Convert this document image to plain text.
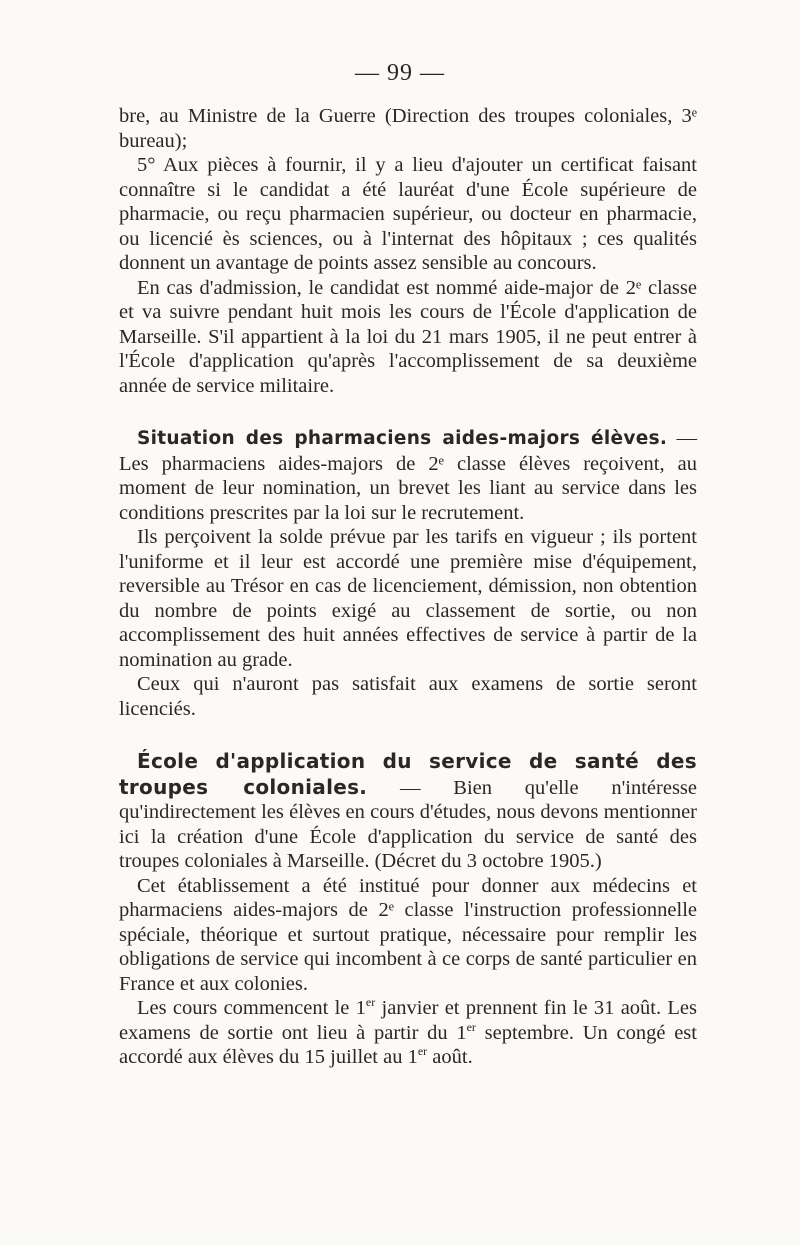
— 99 —

bre, au Ministre de la Guerre (Direction des troupes coloniales, 3ᵉ bureau);

5° Aux pièces à fournir, il y a lieu d'ajouter un certificat faisant connaître si le candidat a été lauréat d'une École supérieure de pharmacie, ou reçu pharmacien supérieur, ou docteur en pharmacie, ou licencié ès sciences, ou à l'internat des hôpitaux ; ces qualités donnent un avantage de points assez sensible au concours.

En cas d'admission, le candidat est nommé aide-major de 2ᵉ classe et va suivre pendant huit mois les cours de l'École d'application de Marseille. S'il appartient à la loi du 21 mars 1905, il ne peut entrer à l'École d'application qu'après l'accomplissement de sa deuxième année de service militaire.

Situation des pharmaciens aides-majors élèves. — Les pharmaciens aides-majors de 2ᵉ classe élèves reçoivent, au moment de leur nomination, un brevet les liant au service dans les conditions prescrites par la loi sur le recrutement.

Ils perçoivent la solde prévue par les tarifs en vigueur ; ils portent l'uniforme et il leur est accordé une première mise d'équipement, reversible au Trésor en cas de licenciement, démission, non obtention du nombre de points exigé au classement de sortie, ou non accomplissement des huit années effectives de service à partir de la nomination au grade.

Ceux qui n'auront pas satisfait aux examens de sortie seront licenciés.

École d'application du service de santé des troupes coloniales. — Bien qu'elle n'intéresse qu'indirectement les élèves en cours d'études, nous devons mentionner ici la création d'une École d'application du service de santé des troupes coloniales à Marseille. (Décret du 3 octobre 1905.)

Cet établissement a été institué pour donner aux médecins et pharmaciens aides-majors de 2ᵉ classe l'instruction professionnelle spéciale, théorique et surtout pratique, nécessaire pour remplir les obligations de service qui incombent à ce corps de santé particulier en France et aux colonies.

Les cours commencent le 1er janvier et prennent fin le 31 août. Les examens de sortie ont lieu à partir du 1er septembre. Un congé est accordé aux élèves du 15 juillet au 1er août.
